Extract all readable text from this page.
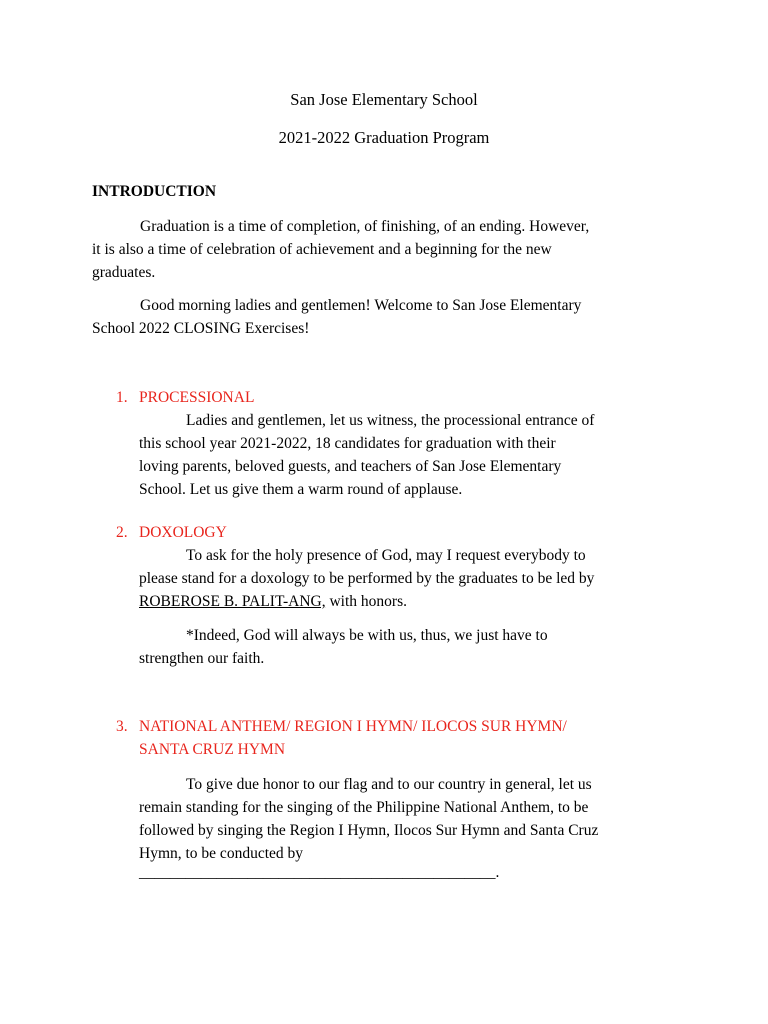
San Jose Elementary School
2021-2022 Graduation Program
INTRODUCTION
Graduation is a time of completion, of finishing, of an ending. However,
it is also a time of celebration of achievement and a beginning for the new
graduates.
Good morning ladies and gentlemen! Welcome to San Jose Elementary
School 2022 CLOSING Exercises!
1. PROCESSIONAL
Ladies and gentlemen, let us witness, the processional entrance of
this school year 2021-2022, 18 candidates for graduation with their
loving parents, beloved guests, and teachers of San Jose Elementary
School. Let us give them a warm round of applause.
2. DOXOLOGY
To ask for the holy presence of God, may I request everybody to
please stand for a doxology to be performed by the graduates to be led by
ROBEROSE B. PALIT-ANG, with honors.
*Indeed, God will always be with us, thus, we just have to
strengthen our faith.
3. NATIONAL ANTHEM/ REGION I HYMN/ ILOCOS SUR HYMN/
SANTA CRUZ HYMN
To give due honor to our flag and to our country in general, let us
remain standing for the singing of the Philippine National Anthem, to be
followed by singing the Region I Hymn, Ilocos Sur Hymn and Santa Cruz
Hymn, to be conducted by
______________________________________________.
